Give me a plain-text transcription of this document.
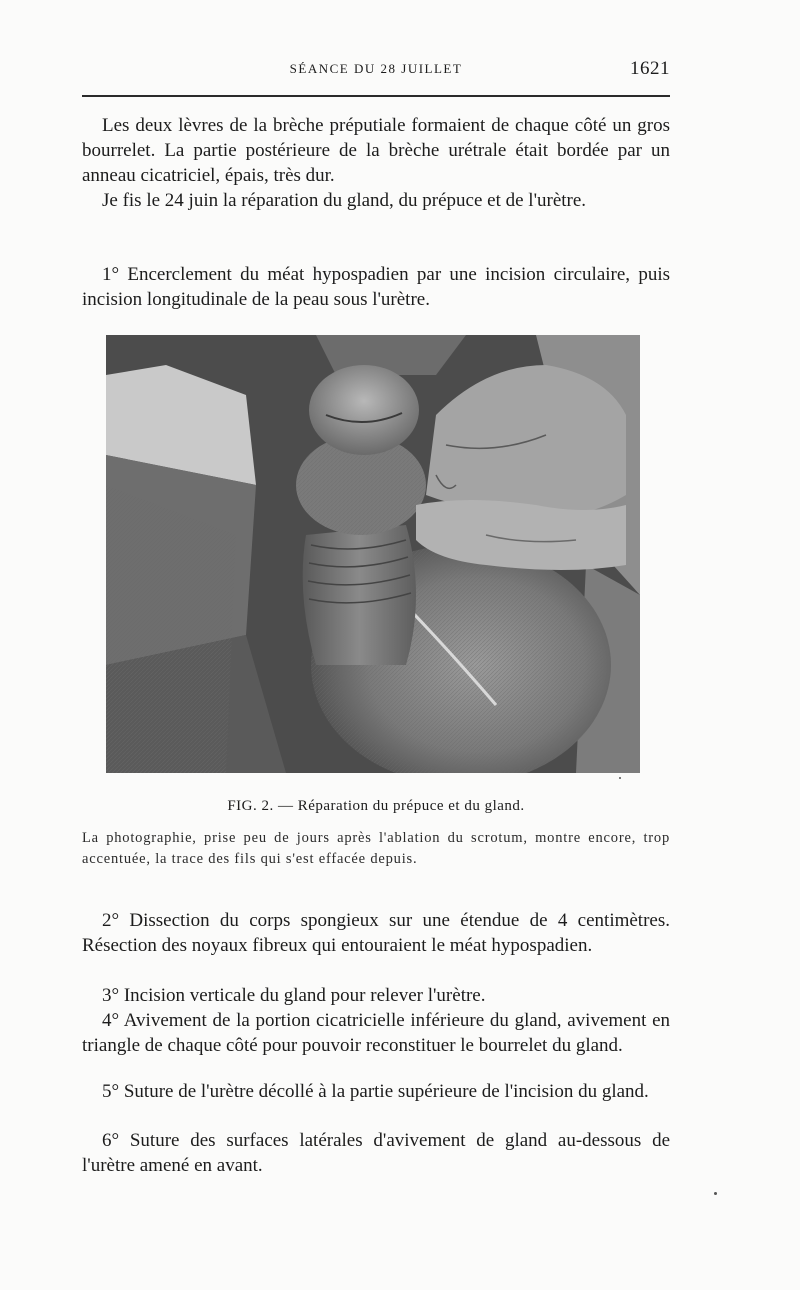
SÉANCE DU 28 JUILLET	1621

Les deux lèvres de la brèche préputiale formaient de chaque côté un gros bourrelet. La partie postérieure de la brèche urétrale était bordée par un anneau cicatriciel, épais, très dur.

Je fis le 24 juin la réparation du gland, du prépuce et de l'urètre.

1° Encerclement du méat hypospadien par une incision circulaire, puis incision longitudinale de la peau sous l'urètre.

FIG. 2. — Réparation du prépuce et du gland.

La photographie, prise peu de jours après l'ablation du scrotum, montre encore, trop accentuée, la trace des fils qui s'est effacée depuis.

2° Dissection du corps spongieux sur une étendue de 4 centimètres. Résection des noyaux fibreux qui entouraient le méat hypospadien.

3° Incision verticale du gland pour relever l'urètre.

4° Avivement de la portion cicatricielle inférieure du gland, avivement en triangle de chaque côté pour pouvoir reconstituer le bourrelet du gland.

5° Suture de l'urètre décollé à la partie supérieure de l'incision du gland.

6° Suture des surfaces latérales d'avivement de gland au-dessous de l'urètre amené en avant.
